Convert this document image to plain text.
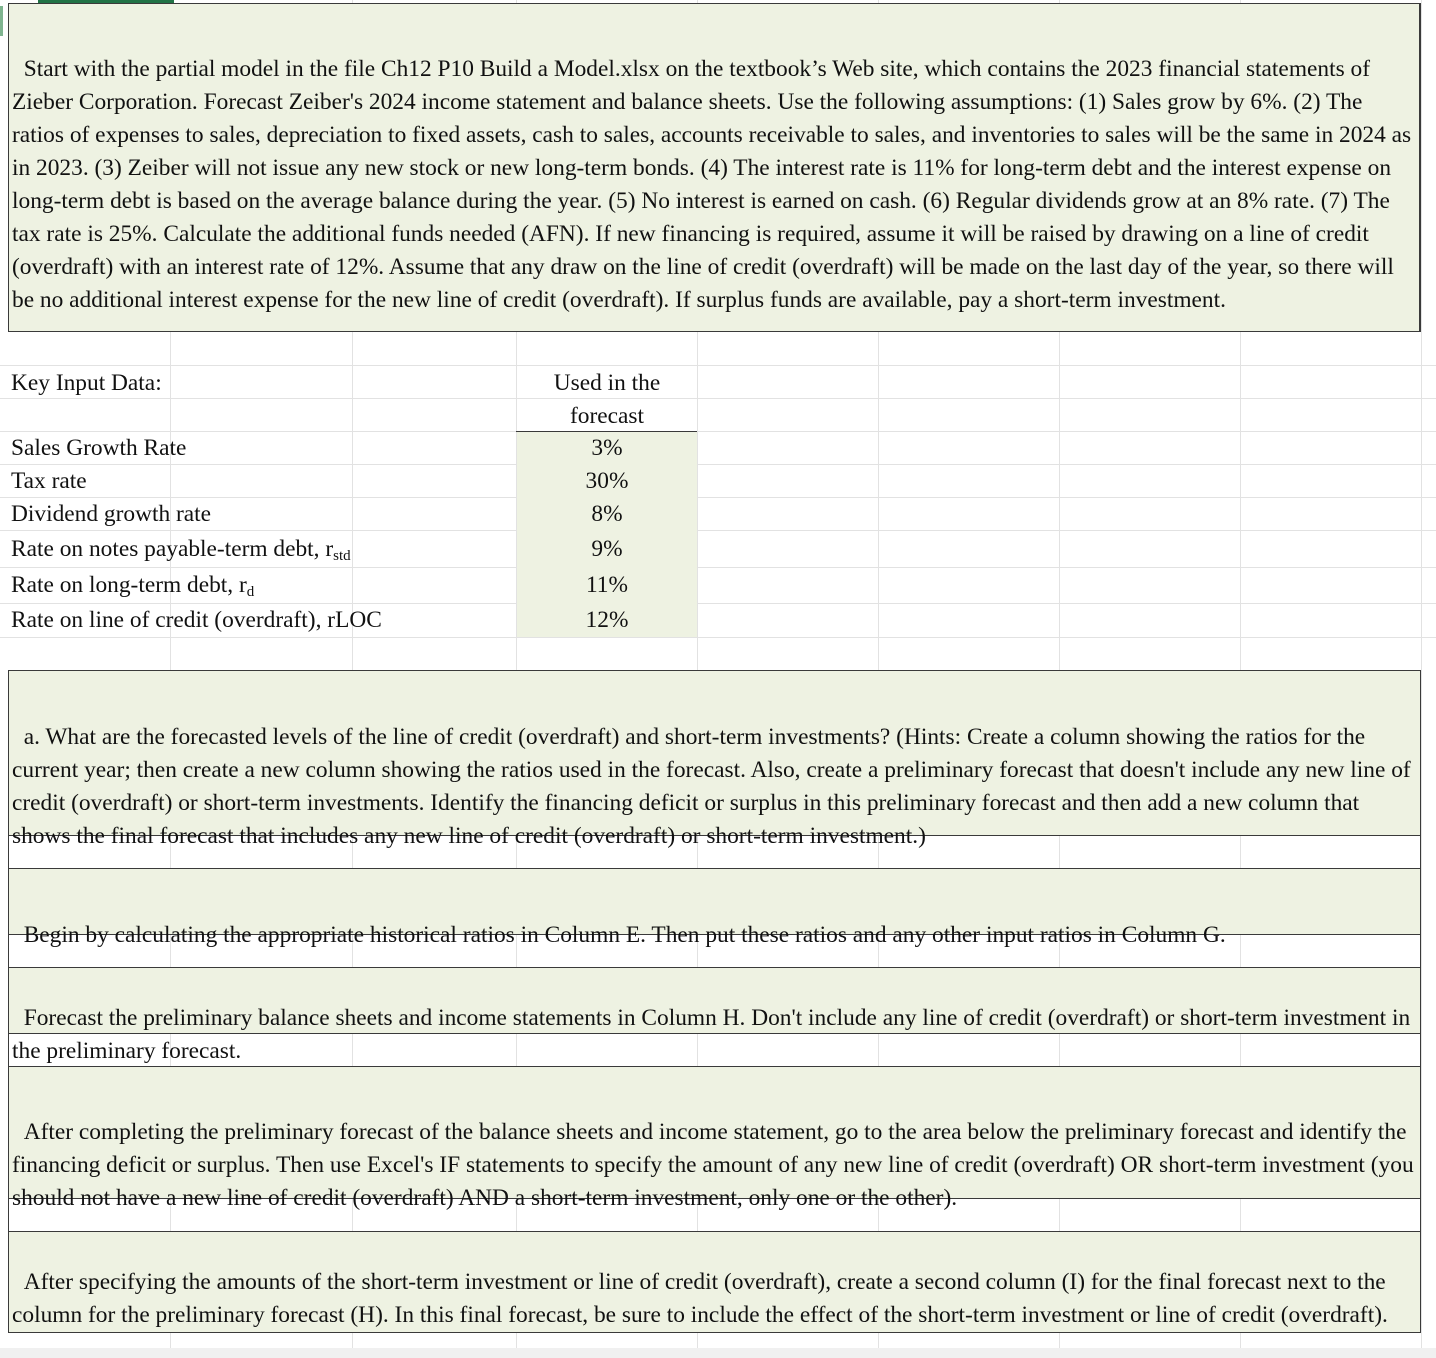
Start with the partial model in the file Ch12 P10 Build a Model.xlsx on the textbook’s Web site, which contains the 2023 financial statements of Zieber Corporation. Forecast Zeiber's 2024 income statement and balance sheets. Use the following assumptions: (1) Sales grow by 6%. (2) The ratios of expenses to sales, depreciation to fixed assets, cash to sales, accounts receivable to sales, and inventories to sales will be the same in 2024 as in 2023. (3) Zeiber will not issue any new stock or new long-term bonds. (4) The interest rate is 11% for long-term debt and the interest expense on long-term debt is based on the average balance during the year. (5) No interest is earned on cash. (6) Regular dividends grow at an 8% rate. (7) The tax rate is 25%. Calculate the additional funds needed (AFN). If new financing is required, assume it will be raised by drawing on a line of credit (overdraft) with an interest rate of 12%. Assume that any draw on the line of credit (overdraft) will be made on the last day of the year, so there will be no additional interest expense for the new line of credit (overdraft). If surplus funds are available, pay a short-term investment.

Key Input Data:	Used in the
forecast
Sales Growth Rate	3%
Tax rate	30%
Dividend growth rate	8%
Rate on notes payable-term debt, $r_{std}$	9%
Rate on long-term debt, $r_d$	11%
Rate on line of credit (overdraft), rLOC	12%

a. What are the forecasted levels of the line of credit (overdraft) and short-term investments? (Hints: Create a column showing the ratios for the current year; then create a new column showing the ratios used in the forecast. Also, create a preliminary forecast that doesn't include any new line of credit (overdraft) or short-term investments. Identify the financing deficit or surplus in this preliminary forecast and then add a new column that shows the final forecast that includes any new line of credit (overdraft) or short-term investment.)

Begin by calculating the appropriate historical ratios in Column E. Then put these ratios and any other input ratios in Column G.

Forecast the preliminary balance sheets and income statements in Column H. Don't include any line of credit (overdraft) or short-term investment in the preliminary forecast.

After completing the preliminary forecast of the balance sheets and income statement, go to the area below the preliminary forecast and identify the financing deficit or surplus. Then use Excel's IF statements to specify the amount of any new line of credit (overdraft) OR short-term investment (you should not have a new line of credit (overdraft) AND a short-term investment, only one or the other).

After specifying the amounts of the short-term investment or line of credit (overdraft), create a second column (I) for the final forecast next to the column for the preliminary forecast (H). In this final forecast, be sure to include the effect of the short-term investment or line of credit (overdraft).
